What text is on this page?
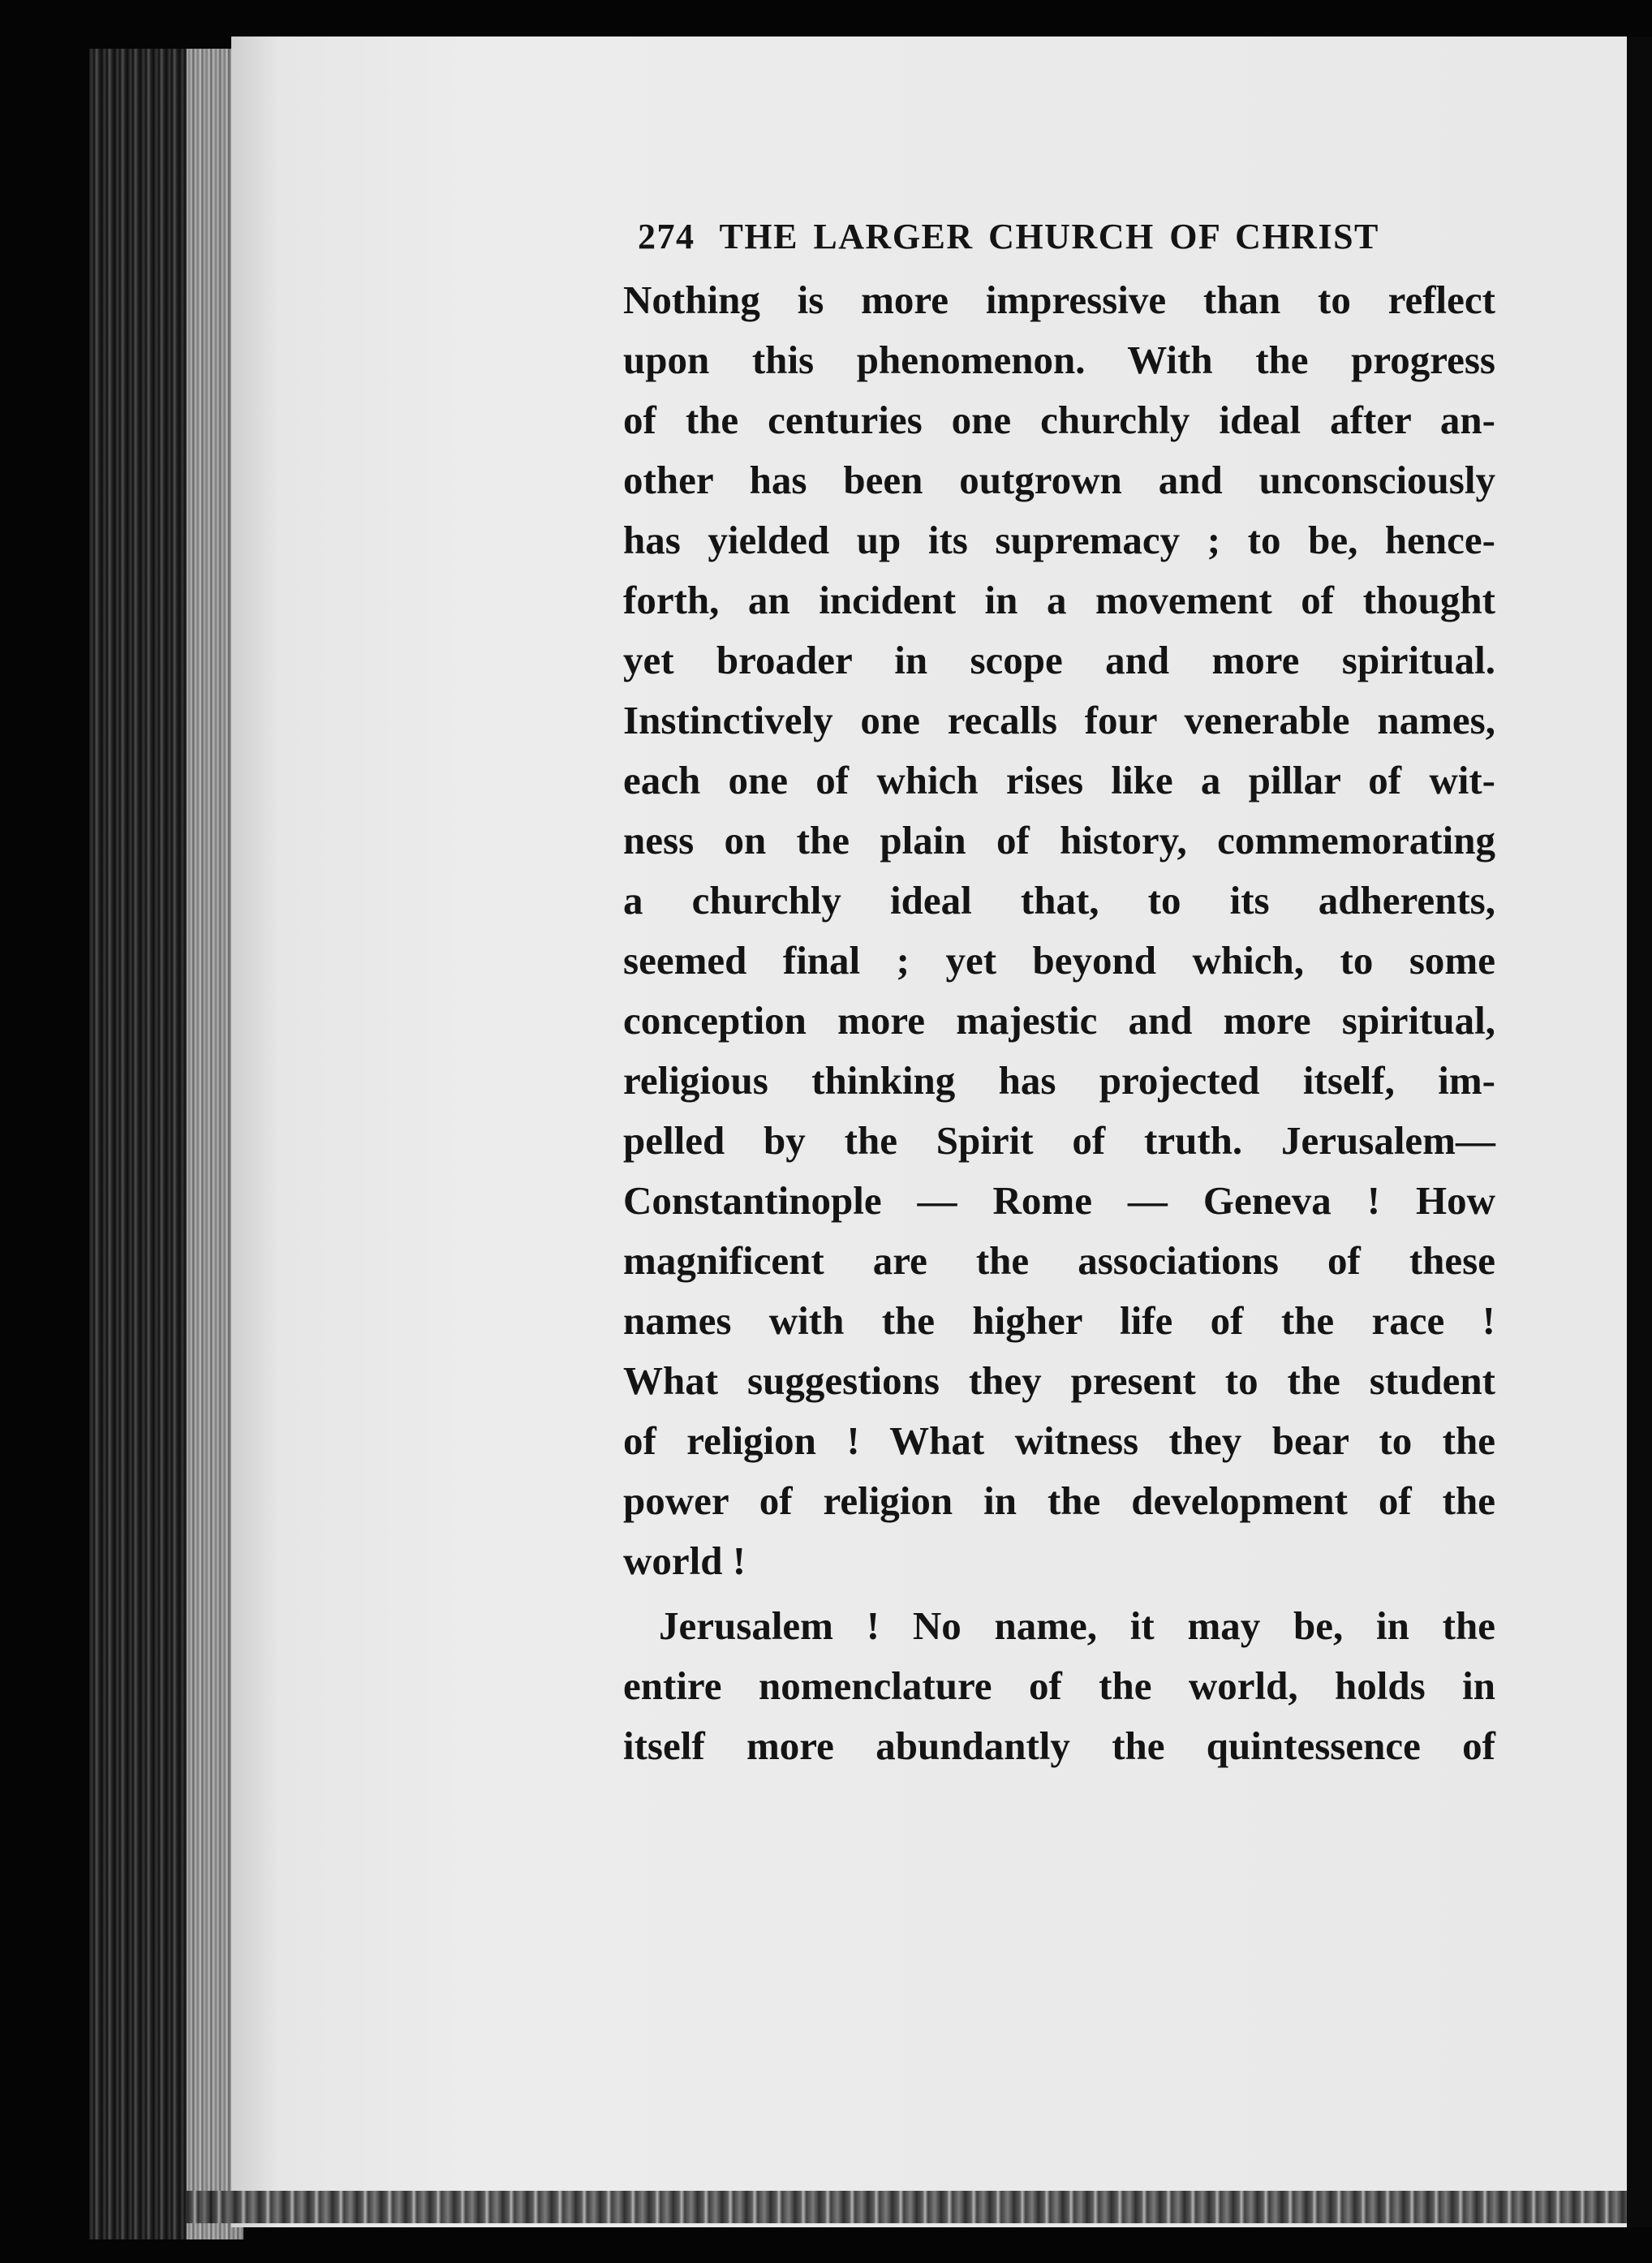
274 THE LARGER CHURCH OF CHRIST

Nothing is more impressive than to reflect
upon this phenomenon. With the progress
of the centuries one churchly ideal after an-
other has been outgrown and unconsciously
has yielded up its supremacy ; to be, hence-
forth, an incident in a movement of thought
yet broader in scope and more spiritual.
Instinctively one recalls four venerable names,
each one of which rises like a pillar of wit-
ness on the plain of history, commemorating
a churchly ideal that, to its adherents,
seemed final ; yet beyond which, to some
conception more majestic and more spiritual,
religious thinking has projected itself, im-
pelled by the Spirit of truth. Jerusalem—
Constantinople — Rome — Geneva ! How
magnificent are the associations of these
names with the higher life of the race !
What suggestions they present to the student
of religion ! What witness they bear to the
power of religion in the development of the
world !

Jerusalem ! No name, it may be, in the
entire nomenclature of the world, holds in
itself more abundantly the quintessence of
